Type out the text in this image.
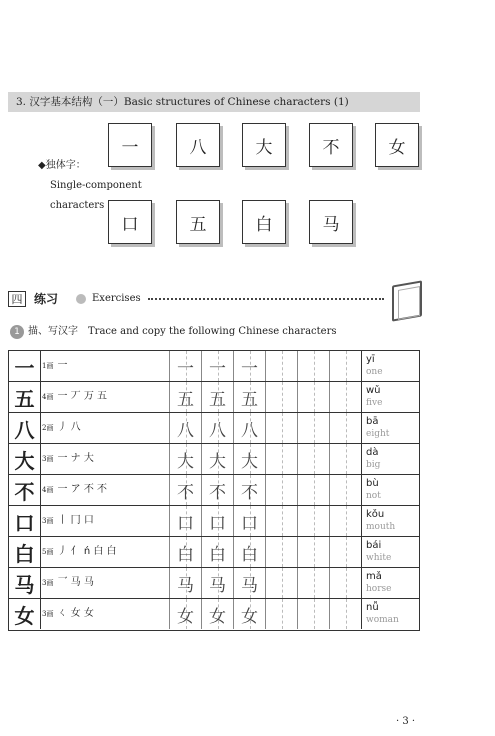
3. 汉字基本结构（一）Basic structures of Chinese characters (1)
一	八	大	不	女
口	五	白	马
◆独体字：
Single-component
characters
四 练习	Exercises
1 描、写汉字　Trace and copy the following Chinese characters
一	1画 一	一 一 一	yī
one
五	4画 一 丆 万 五	五 五 五	wǔ
five
八	2画 丿 八	八 八 八	bā
eight
大	3画 一 ナ 大	大 大 大	dà
big
不	4画 一 ア 不 不	不 不 不	bù
not
口	3画 丨 冂 口	口 口 口	kǒu
mouth
白	5画 丿 亻 ń 白 白	白 白 白	bái
white
马	3画 乛 马 马	马 马 马	mǎ
horse
女	3画 ㄑ 女 女	女 女 女	nǚ
woman
· 3 ·
